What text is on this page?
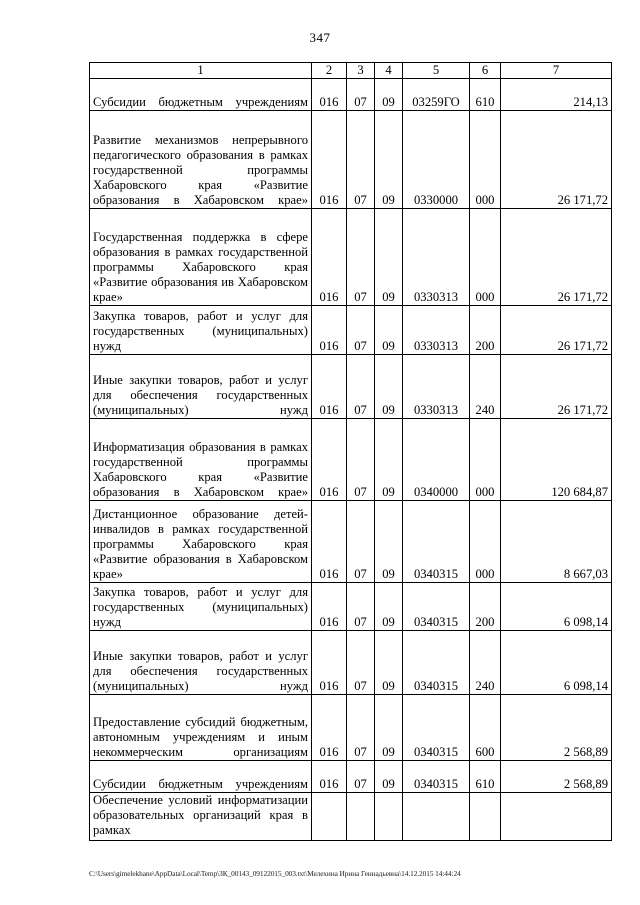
347
1	2	3	4	5	6	7
Субсидии бюджетным учреждениям	016	07	09	03259ГО	610	214,13
Развитие механизмов непрерывного педагогического образования в рамках государственной программы Хабаровского края «Развитие образования в Хабаровском крае»	016	07	09	0330000	000	26 171,72
Государственная поддержка в сфере образования в рамках государственной программы Хабаровского края «Развитие образования ив Хабаровском крае»	016	07	09	0330313	000	26 171,72
Закупка товаров, работ и услуг для государственных (муниципальных) нужд	016	07	09	0330313	200	26 171,72
Иные закупки товаров, работ и услуг для обеспечения государственных (муниципальных) нужд	016	07	09	0330313	240	26 171,72
Информатизация образования в рамках государственной программы Хабаровского края «Развитие образования в Хабаровском крае»	016	07	09	0340000	000	120 684,87
Дистанционное образование детей-инвалидов в рамках государственной программы Хабаровского края «Развитие образования в Хабаровском крае»	016	07	09	0340315	000	8 667,03
Закупка товаров, работ и услуг для государственных (муниципальных) нужд	016	07	09	0340315	200	6 098,14
Иные закупки товаров, работ и услуг для обеспечения государственных (муниципальных) нужд	016	07	09	0340315	240	6 098,14
Предоставление субсидий бюджетным, автономным учреждениям и иным некоммерческим организациям	016	07	09	0340315	600	2 568,89
Субсидии бюджетным учреждениям	016	07	09	0340315	610	2 568,89
Обеспечение условий информатизации образовательных организаций края в рамках						
C:\Users\gimelekhane\AppData\Local\Temp\ЗК_00143_09122015_003.txt\Мелехина Ирина Геннадьевна\14.12.2015 14:44:24
